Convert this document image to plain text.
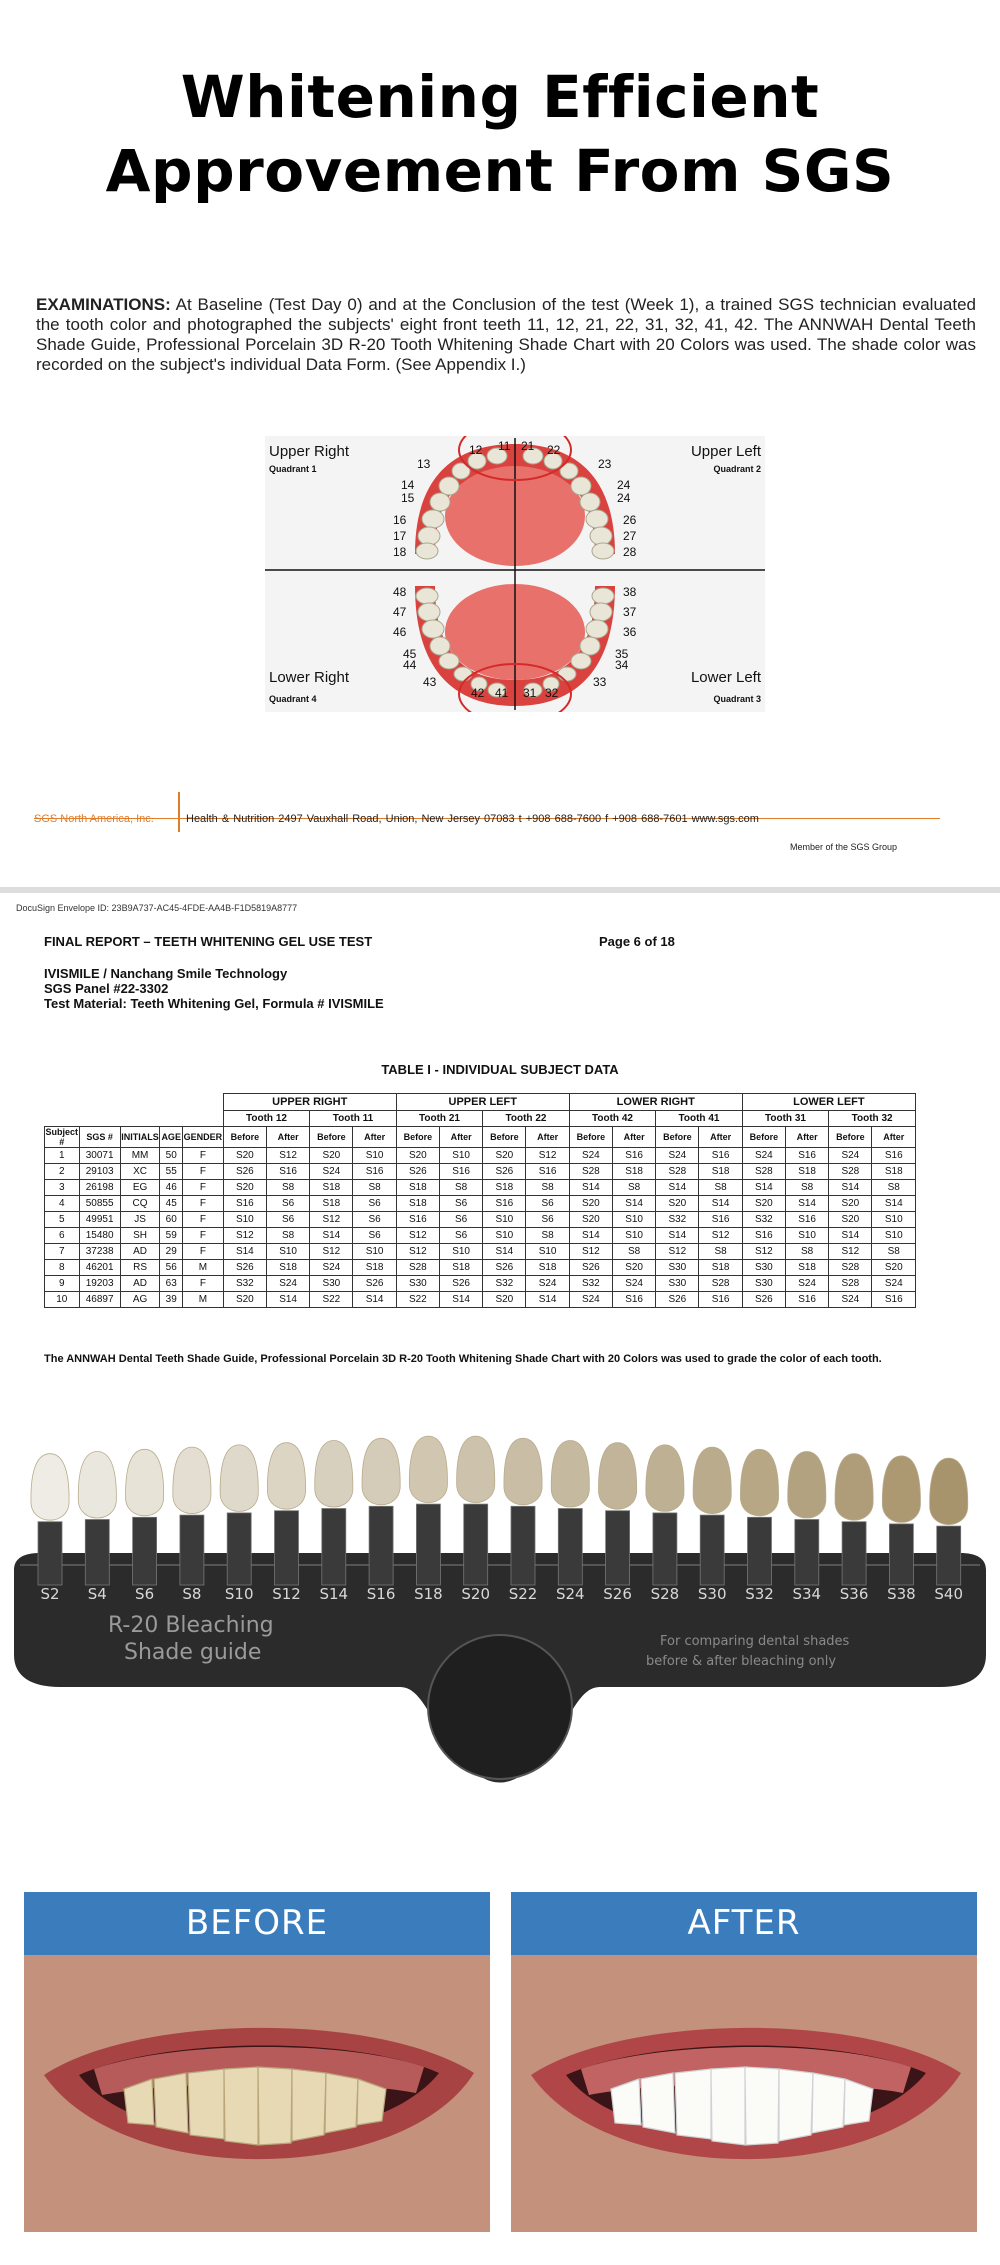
Whitening Efficient
Approvement From SGS
EXAMINATIONS: At Baseline (Test Day 0) and at the Conclusion of the test (Week 1), a trained SGS technician evaluated the tooth color and photographed the subjects' eight front teeth 11, 12, 21, 22, 31, 32, 41, 42. The ANNWAH Dental Teeth Shade Guide, Professional Porcelain 3D R-20 Tooth Whitening Shade Chart with 20 Colors was used. The shade color was recorded on the subject's individual Data Form. (See Appendix I.)
Upper Right
Quadrant 1
Upper Left
Quadrant 2
Lower Right
Quadrant 4
Lower Left
Quadrant 3
11
12
13
14
15
16
17
18
21 22
23
24
24
26
27
28
48
47
46
45
44
43
42 41 31 32
33
35
34
36
37
38
SGS North America, Inc.	Health & Nutrition 2497 Vauxhall Road, Union, New Jersey 07083 t +908 688-7600 f +908 688-7601 www.sgs.com
Member of the SGS Group
DocuSign Envelope ID: 23B9A737-AC45-4FDE-AA4B-F1D5819A8777
FINAL REPORT – TEETH WHITENING GEL USE TEST	Page 6 of 18
IVISMILE / Nanchang Smile Technology
SGS Panel #22-3302
Test Material: Teeth Whitening Gel, Formula # IVISMILE
TABLE I - INDIVIDUAL SUBJECT DATA
					UPPER RIGHT				UPPER LEFT				LOWER RIGHT				LOWER LEFT			
					Tooth 12		Tooth 11		Tooth 21		Tooth 22		Tooth 42		Tooth 41		Tooth 31		Tooth 32	
Subject #	SGS #	INITIALS	AGE	GENDER	Before	After	Before	After	Before	After	Before	After	Before	After	Before	After	Before	After	Before	After
1	30071	MM	50	F	S20	S12	S20	S10	S20	S10	S20	S12	S24	S16	S24	S16	S24	S16	S24	S16
2	29103	XC	55	F	S26	S16	S24	S16	S26	S16	S26	S16	S28	S18	S28	S18	S28	S18	S28	S18
3	26198	EG	46	F	S20	S8	S18	S8	S18	S8	S18	S8	S14	S8	S14	S8	S14	S8	S14	S8
4	50855	CQ	45	F	S16	S6	S18	S6	S18	S6	S16	S6	S20	S14	S20	S14	S20	S14	S20	S14
5	49951	JS	60	F	S10	S6	S12	S6	S16	S6	S10	S6	S20	S10	S32	S16	S32	S16	S20	S10
6	15480	SH	59	F	S12	S8	S14	S6	S12	S6	S10	S8	S14	S10	S14	S12	S16	S10	S14	S10
7	37238	AD	29	F	S14	S10	S12	S10	S12	S10	S14	S10	S12	S8	S12	S8	S12	S8	S12	S8
8	46201	RS	56	M	S26	S18	S24	S18	S28	S18	S26	S18	S26	S20	S30	S18	S30	S18	S28	S20
9	19203	AD	63	F	S32	S24	S30	S26	S30	S26	S32	S24	S32	S24	S30	S28	S30	S24	S28	S24
10	46897	AG	39	M	S20	S14	S22	S14	S22	S14	S20	S14	S24	S16	S26	S16	S26	S16	S24	S16
The ANNWAH Dental Teeth Shade Guide, Professional Porcelain 3D R-20 Tooth Whitening Shade Chart with 20 Colors was used to grade the color of each tooth.
S2 S4 S6 S8 S10 S12 S14 S16 S18 S20 S22 S24 S26 S28 S30 S32 S34 S36 S38 S40
R-20 Bleaching
Shade guide	For comparing dental shades
before & after bleaching only
BEFORE	AFTER
